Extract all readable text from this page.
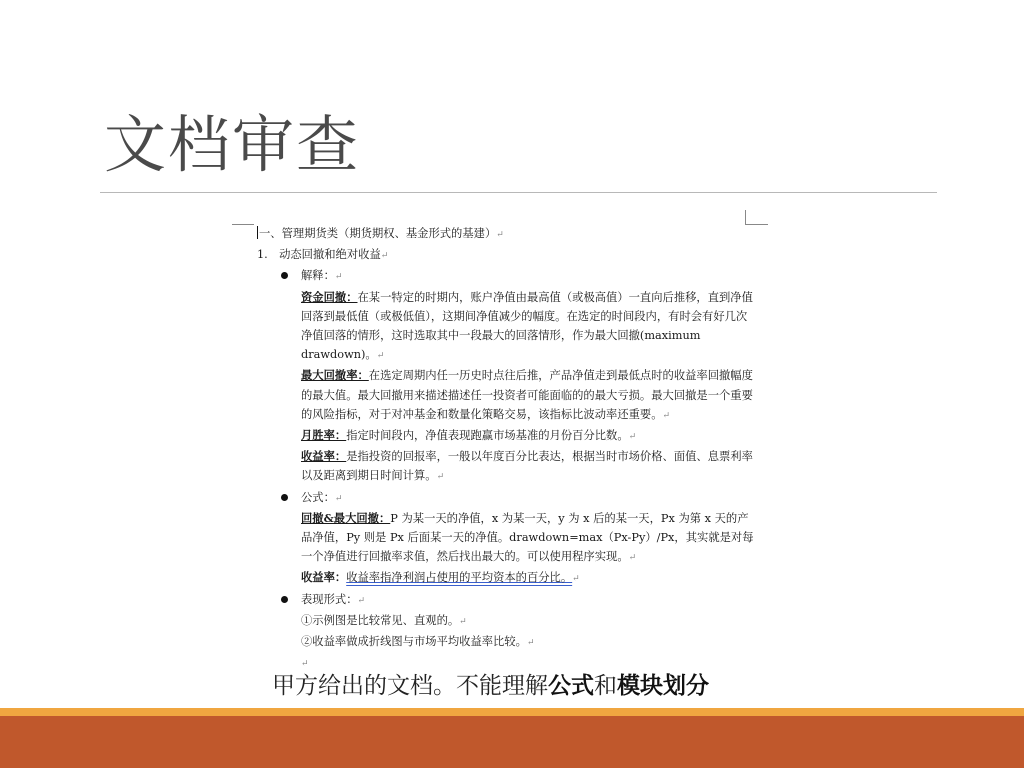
文档审查
一、管理期货类（期货期权、基金形式的基建）↵
1.　动态回撤和绝对收益↵
解释：↵
资金回撤：在某一特定的时期内，账户净值由最高值（或极高值）一直向后推移，直到净值回落到最低值（或极低值），这期间净值减少的幅度。在选定的时间段内，有时会有好几次净值回落的情形，这时选取其中一段最大的回落情形，作为最大回撤(maximum drawdown)。↵
最大回撤率：在选定周期内任一历史时点往后推，产品净值走到最低点时的收益率回撤幅度的最大值。最大回撤用来描述描述任一投资者可能面临的的最大亏损。最大回撤是一个重要的风险指标，对于对冲基金和数量化策略交易，该指标比波动率还重要。↵
月胜率：指定时间段内，净值表现跑赢市场基准的月份百分比数。↵
收益率：是指投资的回报率，一般以年度百分比表达，根据当时市场价格、面值、息票利率以及距离到期日时间计算。↵
公式：↵
回撤&最大回撤：P 为某一天的净值，x 为某一天，y 为 x 后的某一天，Px 为第 x 天的产品净值，Py 则是 Px 后面某一天的净值。drawdown=max（Px-Py）/Px，其实就是对每一个净值进行回撤率求值，然后找出最大的。可以使用程序实现。↵
收益率：收益率指净利润占使用的平均资本的百分比。↵
表现形式：↵
①示例图是比较常见、直观的。↵
②收益率做成折线图与市场平均收益率比较。↵
↵
甲方给出的文档。不能理解公式和模块划分
